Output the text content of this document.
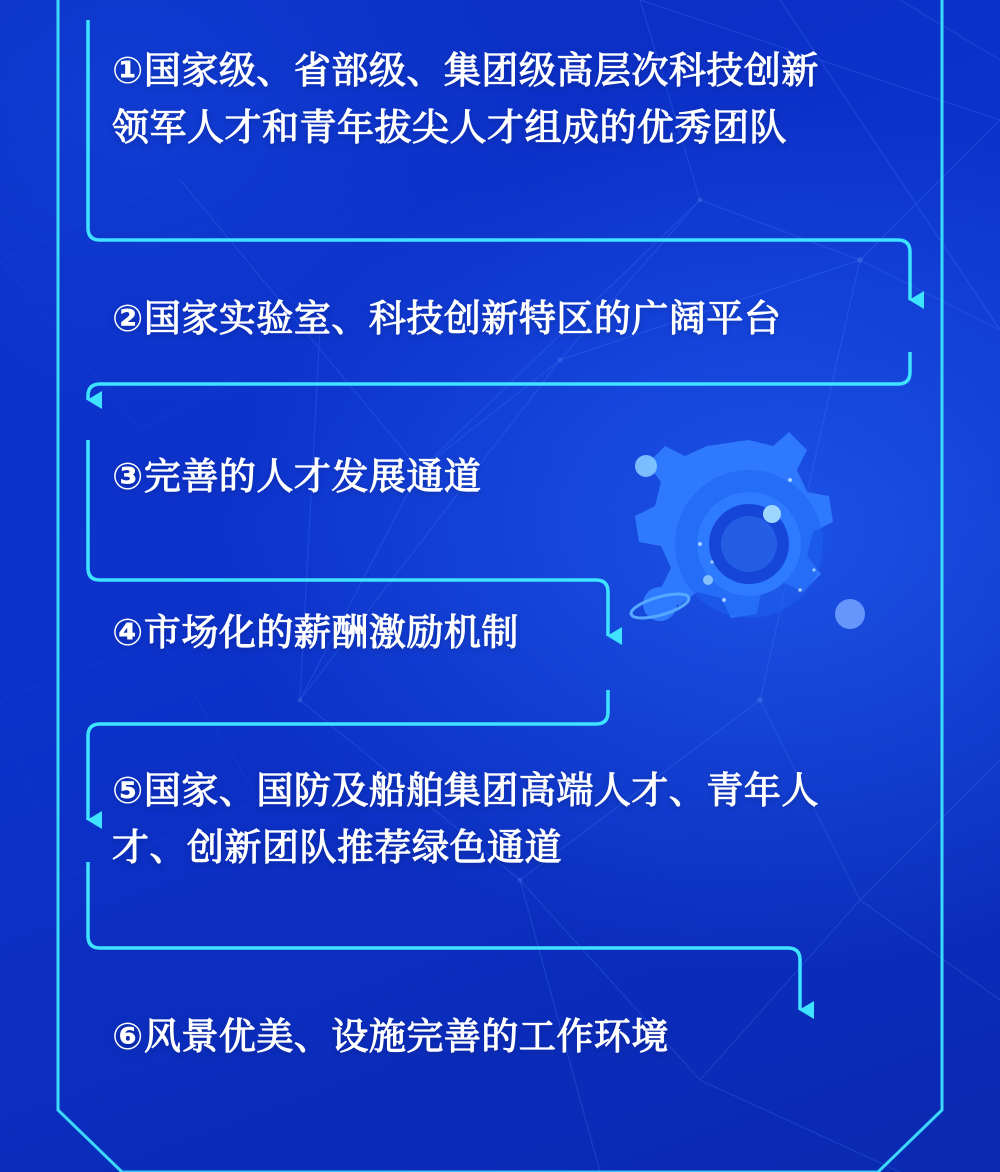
①国家级、省部级、集团级高层次科技创新
领军人才和青年拔尖人才组成的优秀团队
②国家实验室、科技创新特区的广阔平台
③完善的人才发展通道
④市场化的薪酬激励机制
⑤国家、国防及船舶集团高端人才、青年人
才、创新团队推荐绿色通道
⑥风景优美、设施完善的工作环境
